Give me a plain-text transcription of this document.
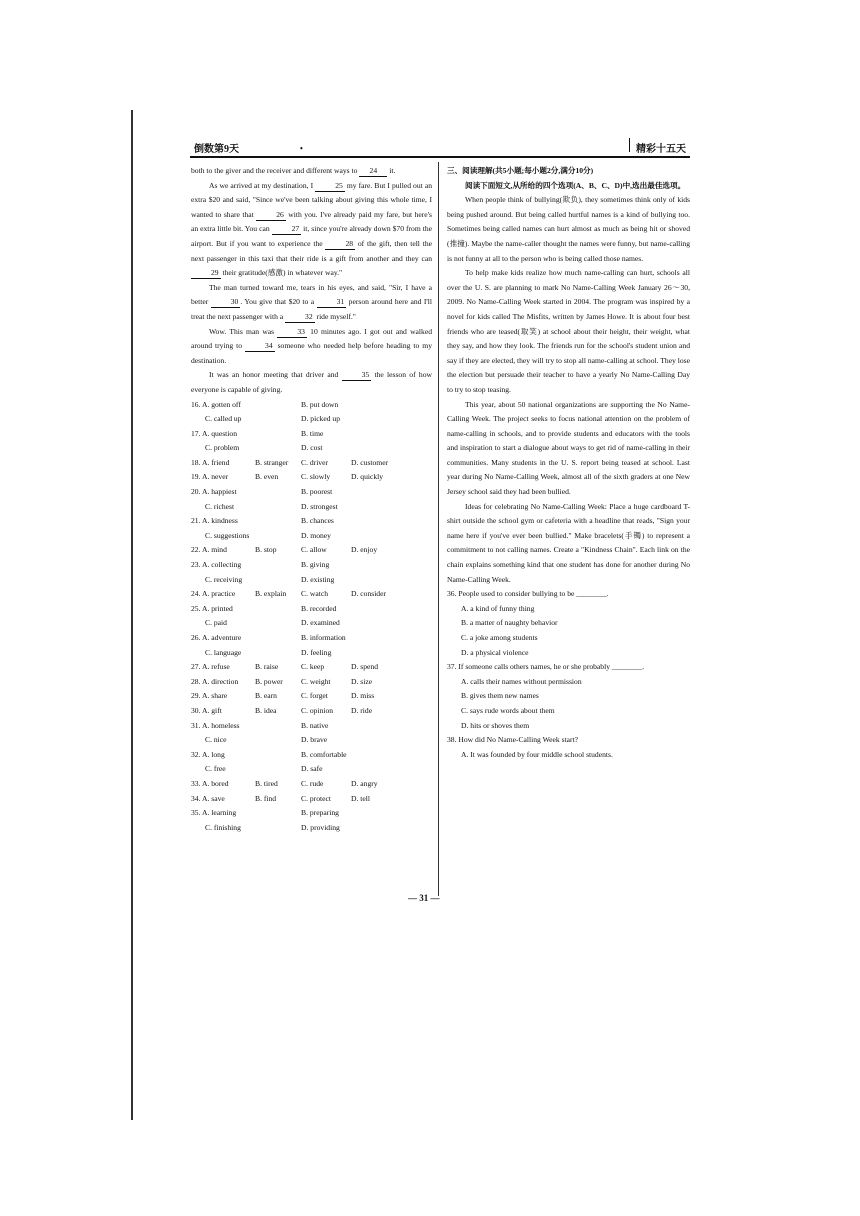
倒数第9天	•	精彩十五天

both to the giver and the receiver and different ways to 24 it.

As we arrived at my destination, I	25 my fare. But I pulled out an extra $20 and said, "Since we've been talking about giving this whole time, I wanted to share that	26 with you. I've already paid my fare, but here's an extra little bit. You can	27 it, since you're already down $70 from the airport. But if you want to experience the	28 of the gift, then tell the next passenger in this taxi that their ride is a gift from another and they can 29 their gratitude(感激) in whatever way."

The man turned toward me, tears in his eyes, and said, "Sir, I have a better	30 . You give that $20 to a	31 person around here and I'll treat the next passenger with a	32 ride myself."

Wow. This man was	33 10 minutes ago. I got out and walked around trying to	34 someone who needed help before heading to my destination.

It was an honor meeting that driver and	35 the lesson of how everyone is capable of giving.

16. A. gotten off	B. put down
C. called up	D. picked up
17. A. question	B. time
C. problem	D. cost
18. A. friend	B. stranger C. driver	D. customer
19. A. never	B. even	C. slowly	D. quickly
20. A. happiest	B. poorest
C. richest	D. strongest
21. A. kindness	B. chances
C. suggestions	D. money
22. A. mind	B. stop	C. allow	D. enjoy
23. A. collecting	B. giving
C. receiving	D. existing
24. A. practice	B. explain C. watch	D. consider
25. A. printed	B. recorded
C. paid	D. examined
26. A. adventure	B. information
C. language	D. feeling
27. A. refuse	B. raise	C. keep	D. spend
28. A. direction B. power C. weight	D. size
29. A. share	B. earn	C. forget	D. miss
30. A. gift	B. idea	C. opinion D. ride
31. A. homeless	B. native
C. nice	D. brave
32. A. long	B. comfortable
C. free	D. safe
33. A. bored	B. tired	C. rude	D. angry
34. A. save	B. find	C. protect	D. tell
35. A. learning	B. preparing
C. finishing	D. providing

三、阅读理解(共5小题;每小题2分,满分10分)

阅读下面短文,从所给的四个选项(A、B、C、D)中,选出最佳选项。

When people think of bullying(欺负), they sometimes think only of kids being pushed around. But being called hurtful names is a kind of bullying too. Sometimes being called names can hurt almost as much as being hit or shoved (推撞). Maybe the name-caller thought the names were funny, but name-calling is not funny at all to the person who is being called those names.

To help make kids realize how much name-calling can hurt, schools all over the U. S. are planning to mark No Name-Calling Week January 26～30, 2009. No Name-Calling Week started in 2004. The program was inspired by a novel for kids called The Misfits, written by James Howe. It is about four best friends who are teased(取笑) at school about their height, their weight, what they say, and how they look. The friends run for the school's student union and say if they are elected, they will try to stop all name-calling at school. They lose the election but persuade their teacher to have a yearly No Name-Calling Day to try to stop teasing.

This year, about 50 national organizations are supporting the No Name-Calling Week. The project seeks to focus national attention on the problem of name-calling in schools, and to provide students and educators with the tools and inspiration to start a dialogue about ways to get rid of name-calling in their communities. Many students in the U. S. report being teased at school. Last year during No Name-Calling Week, almost all of the sixth graders at one New Jersey school said they had been bullied.

Ideas for celebrating No Name-Calling Week: Place a huge cardboard T-shirt outside the school gym or cafeteria with a headline that reads, "Sign your name here if you've ever been bullied." Make bracelets(手镯) to represent a commitment to not calling names. Create a "Kindness Chain". Each link on the chain explains something kind that one student has done for another during No Name-Calling Week.

36. People used to consider bullying to be ________.

A. a kind of funny thing

B. a matter of naughty behavior

C. a joke among students

D. a physical violence

37. If someone calls others names, he or she probably ________.

A. calls their names without permission

B. gives them new names

C. says rude words about them

D. hits or shoves them

38. How did No Name-Calling Week start?

A. It was founded by four middle school students.

— 31 —
